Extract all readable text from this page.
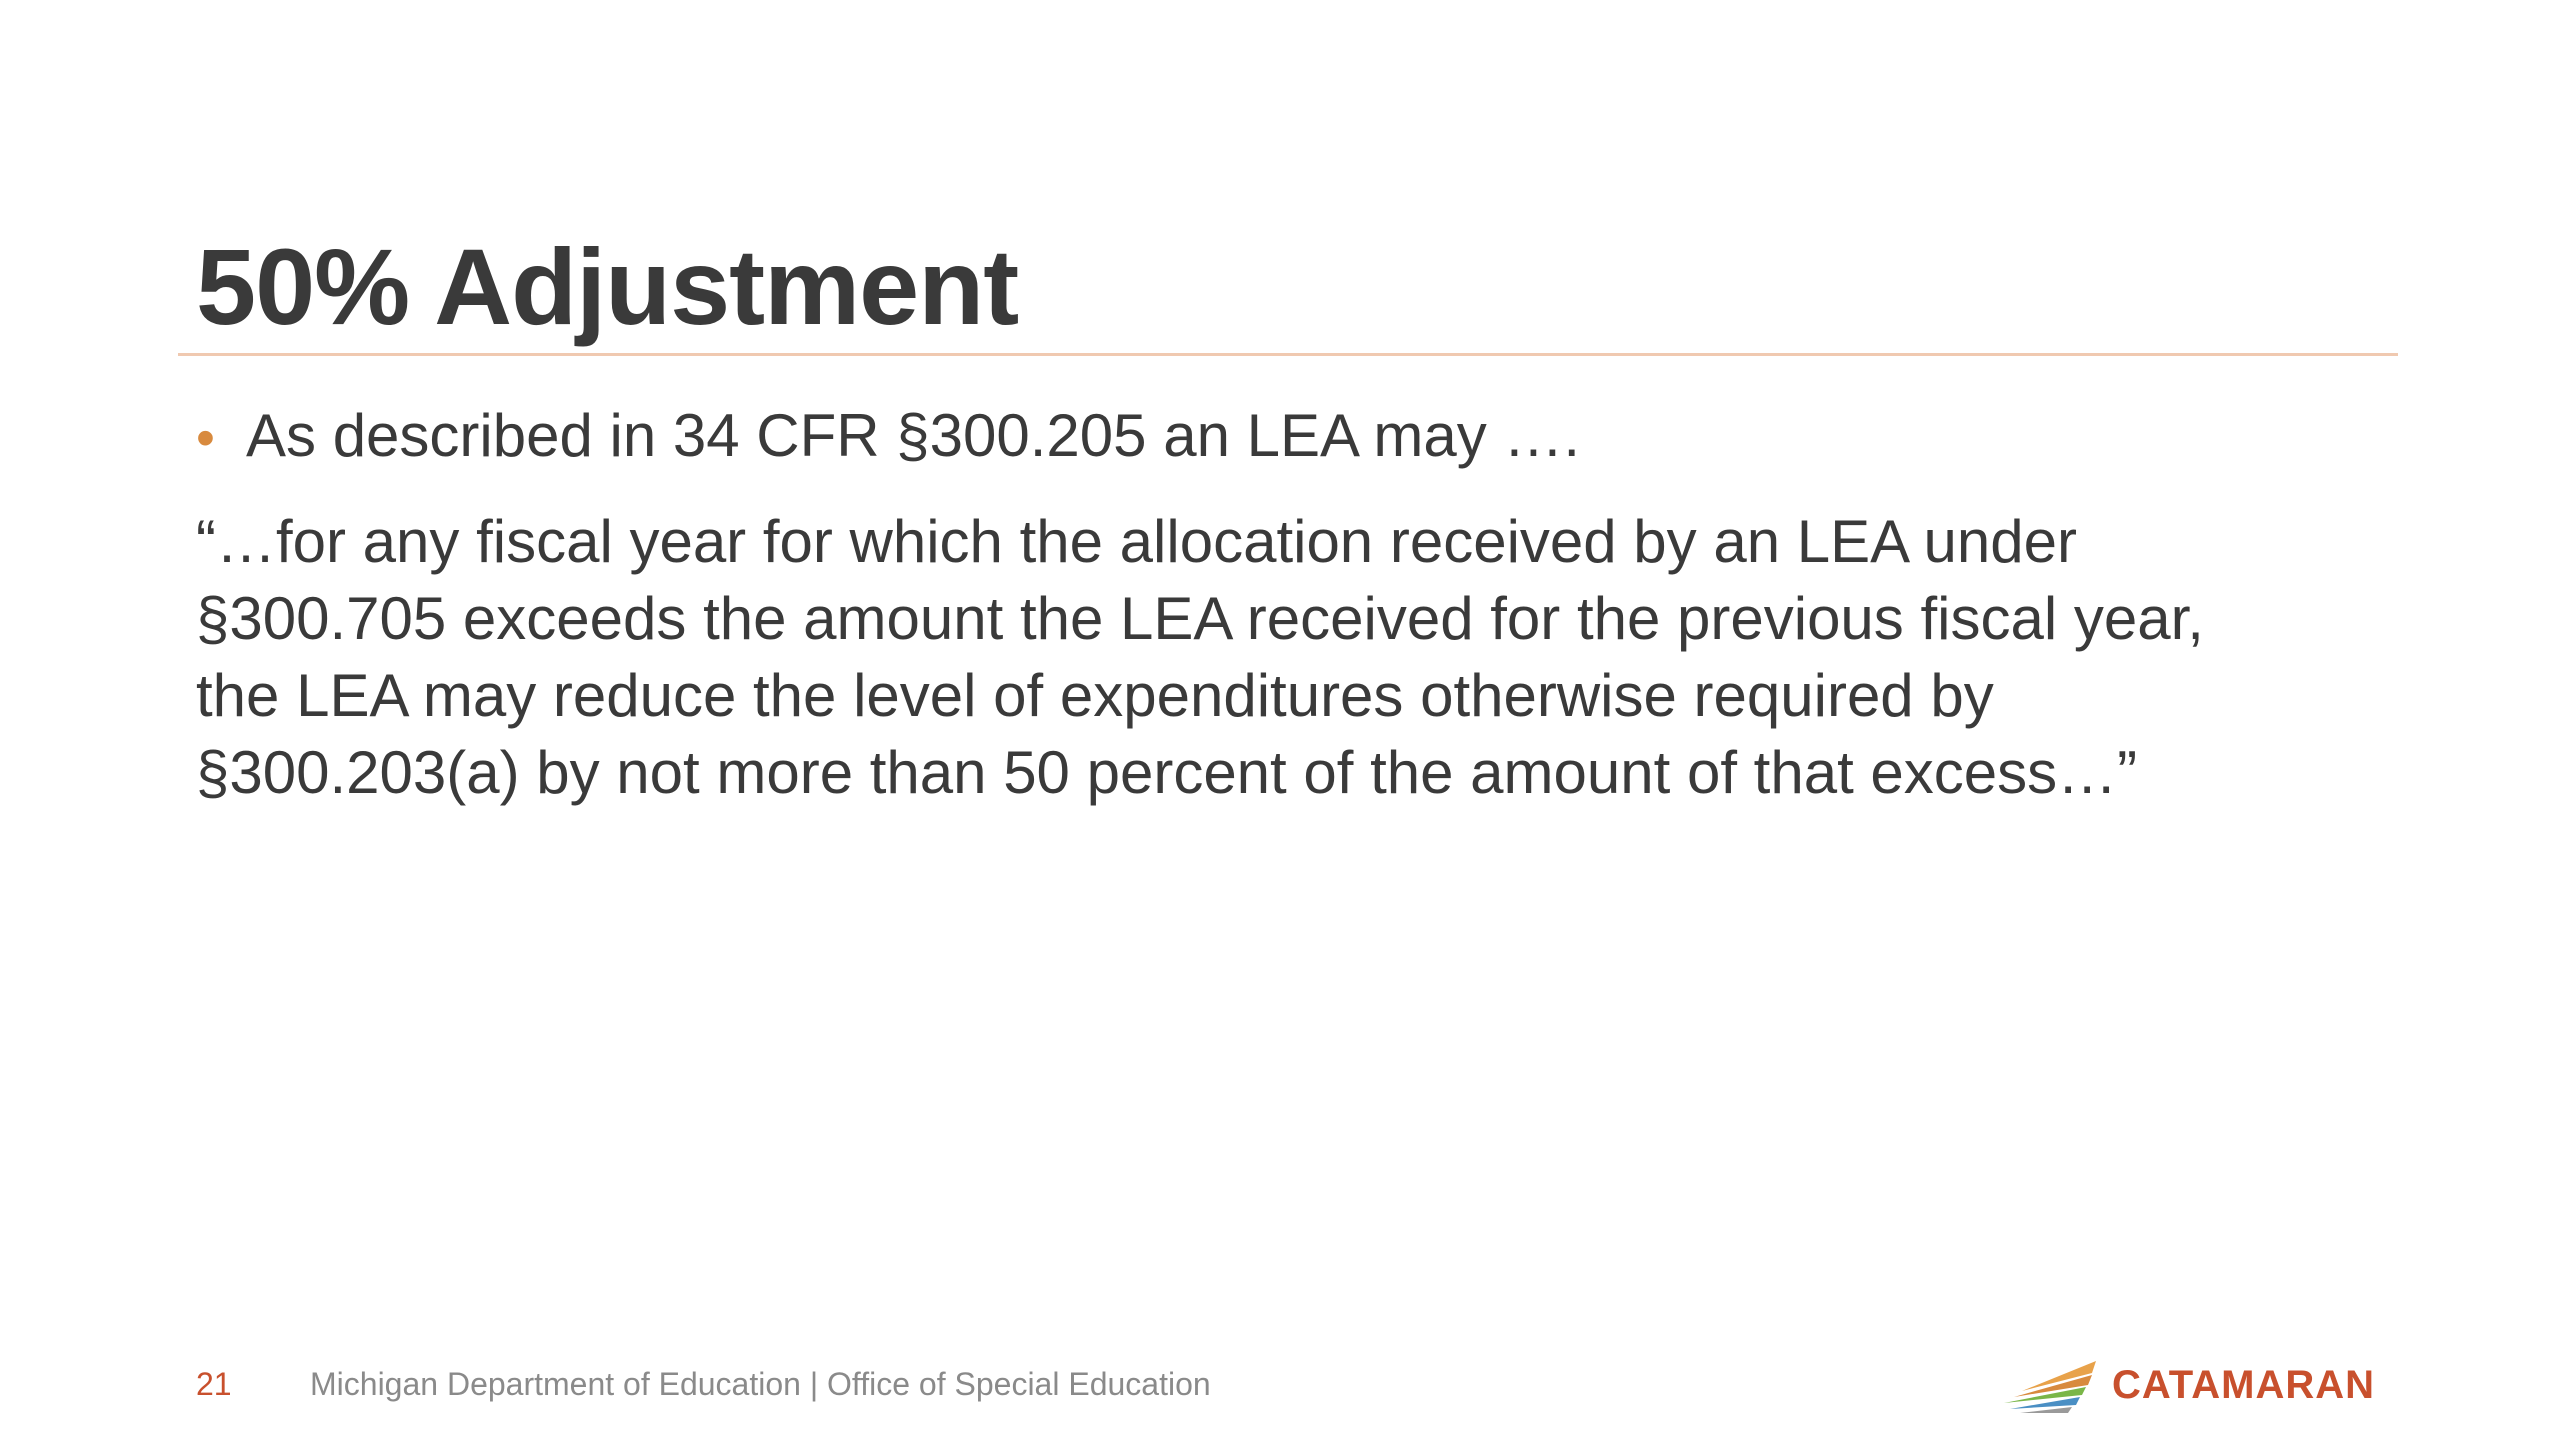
50% Adjustment
• As described in 34 CFR §300.205 an LEA may ….
“…for any fiscal year for which the allocation received by an LEA under
§300.705 exceeds the amount the LEA received for the previous fiscal year,
the LEA may reduce the level of expenditures otherwise required by
§300.203(a) by not more than 50 percent of the amount of that excess…”
21 Michigan Department of Education | Office of Special Education	CATAMARAN
